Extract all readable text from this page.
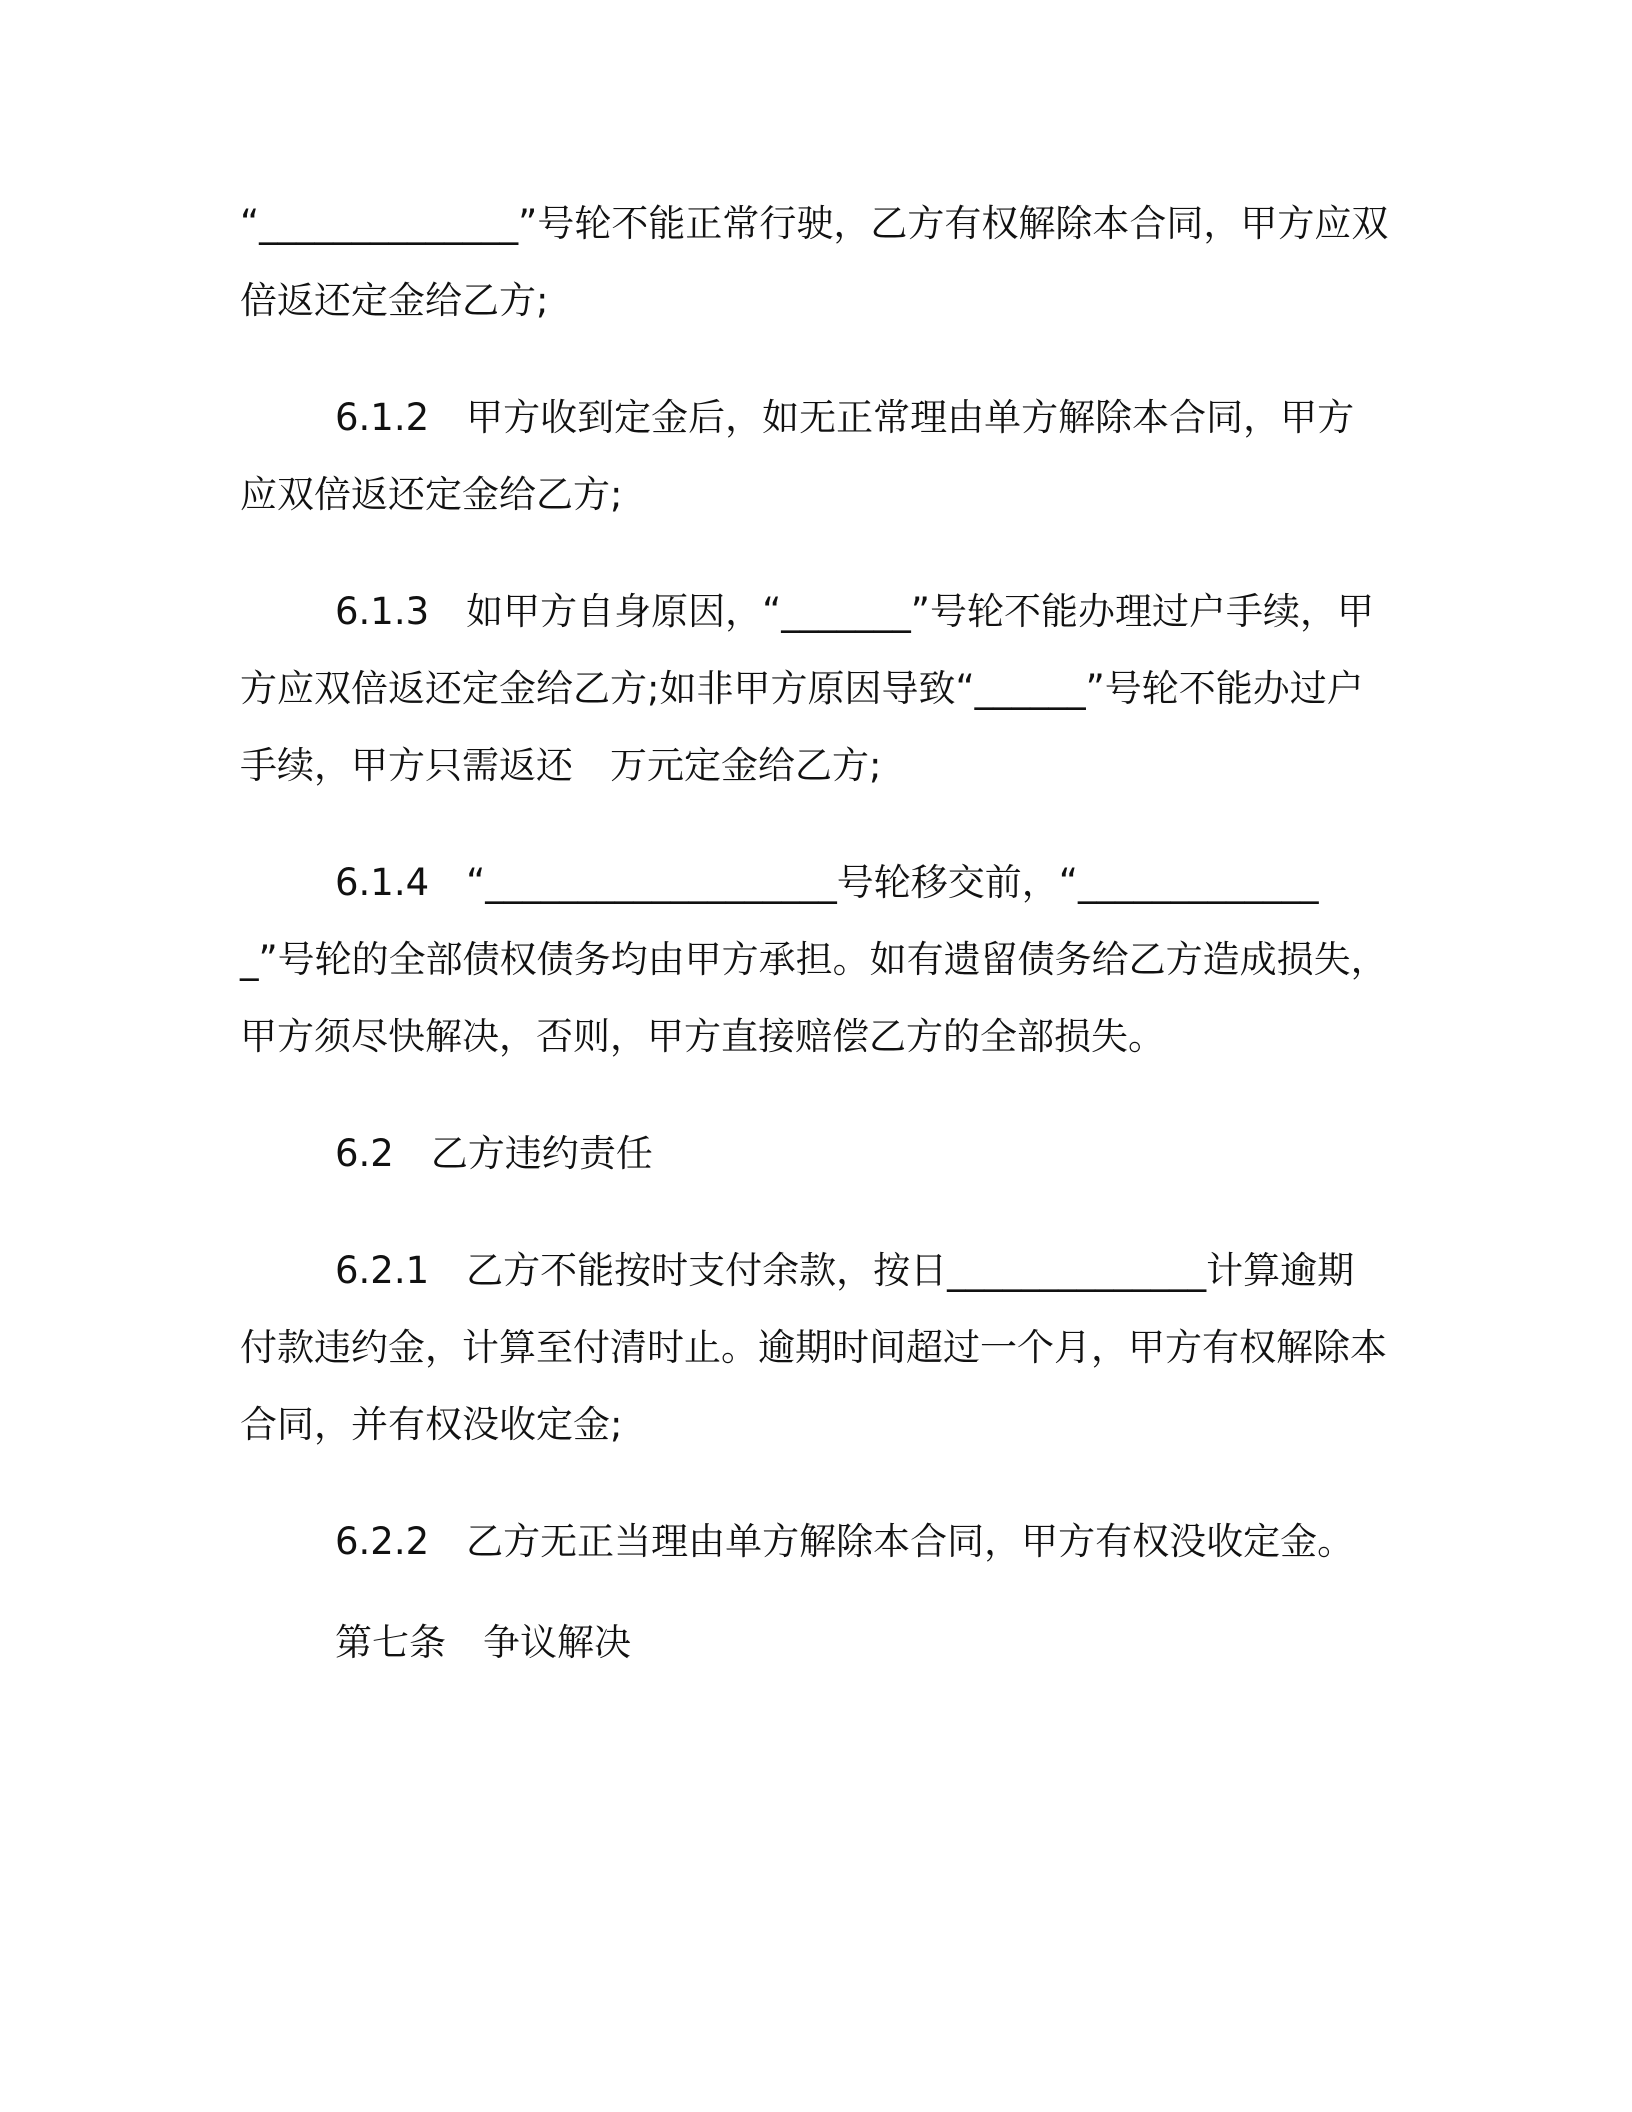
“______________”号轮不能正常行驶，乙方有权解除本合同，甲方应双倍返还定金给乙方;

6.1.2　甲方收到定金后，如无正常理由单方解除本合同，甲方应双倍返还定金给乙方;

6.1.3　如甲方自身原因，“_______”号轮不能办理过户手续，甲方应双倍返还定金给乙方;如非甲方原因导致“______”号轮不能办过户手续，甲方只需返还　万元定金给乙方;

6.1.4　“___________________号轮移交前，“______________”号轮的全部债权债务均由甲方承担。如有遗留债务给乙方造成损失，甲方须尽快解决，否则，甲方直接赔偿乙方的全部损失。

6.2　乙方违约责任

6.2.1　乙方不能按时支付余款，按日______________计算逾期付款违约金，计算至付清时止。逾期时间超过一个月，甲方有权解除本合同，并有权没收定金;

6.2.2　乙方无正当理由单方解除本合同，甲方有权没收定金。

第七条　争议解决
